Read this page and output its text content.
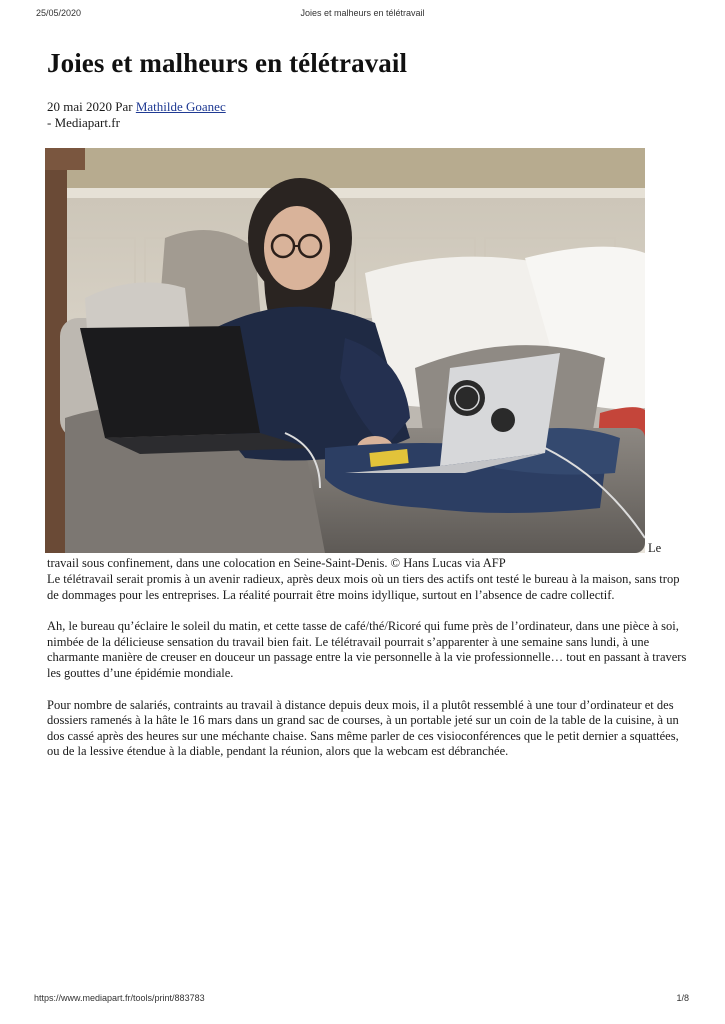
25/05/2020	Joies et malheurs en télétravail
Joies et malheurs en télétravail
20 mai 2020 Par Mathilde Goanec
- Mediapart.fr
Le
travail sous confinement, dans une colocation en Seine-Saint-Denis. © Hans Lucas via AFP

Le télétravail serait promis à un avenir radieux, après deux mois où un tiers des actifs ont testé le bureau à la maison, sans trop de dommages pour les entreprises. La réalité pourrait être moins idyllique, surtout en l’absence de cadre collectif.

Ah, le bureau qu’éclaire le soleil du matin, et cette tasse de café/thé/Ricoré qui fume près de l’ordinateur, dans une pièce à soi, nimbée de la délicieuse sensation du travail bien fait. Le télétravail pourrait s’apparenter à une semaine sans lundi, à une charmante manière de creuser en douceur un passage entre la vie personnelle à la vie professionnelle… tout en passant à travers les gouttes d’une épidémie mondiale.

Pour nombre de salariés, contraints au travail à distance depuis deux mois, il a plutôt ressemblé à une tour d’ordinateur et des dossiers ramenés à la hâte le 16 mars dans un grand sac de courses, à un portable jeté sur un coin de la table de la cuisine, à un dos cassé après des heures sur une méchante chaise. Sans même parler de ces visioconférences que le petit dernier a squattées, ou de la lessive étendue à la diable, pendant la réunion, alors que la webcam est débranchée.

https://www.mediapart.fr/tools/print/883783	1/8
